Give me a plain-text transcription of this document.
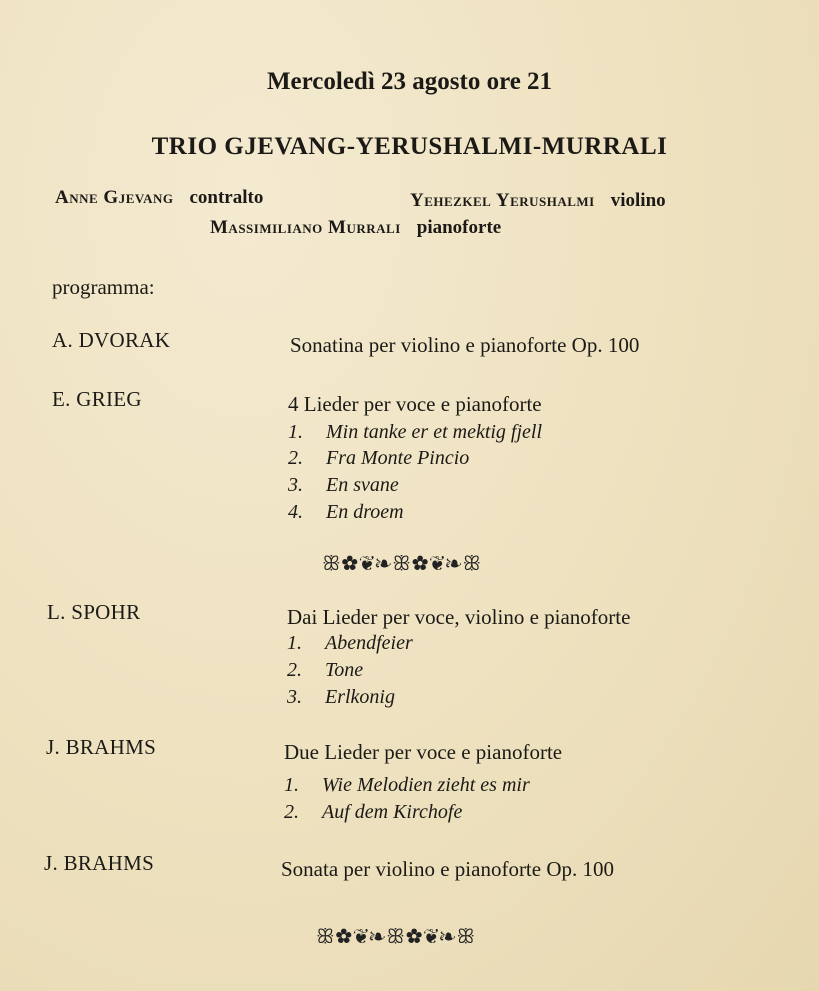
Mercoledì 23 agosto ore 21
TRIO GJEVANG-YERUSHALMI-MURRALI
Anne Gjevang contralto	Yehezkel Yerushalmi violino
Massimiliano Murrali pianoforte
programma:
A. DVORAK	Sonatina per violino e pianoforte Op. 100
E. GRIEG	4 Lieder per voce e pianoforte
1. Min tanke er et mektig fjell
2. Fra Monte Pincio
3. En svane
4. En droem
ꕥ✿❦❧ꕥ✿❦❧ꕥ
L. SPOHR	Dai Lieder per voce, violino e pianoforte
1. Abendfeier
2. Tone
3. Erlkonig
J. BRAHMS	Due Lieder per voce e pianoforte
1. Wie Melodien zieht es mir
2. Auf dem Kirchofe
J. BRAHMS	Sonata per violino e pianoforte Op. 100
ꕥ✿❦❧ꕥ✿❦❧ꕥ
